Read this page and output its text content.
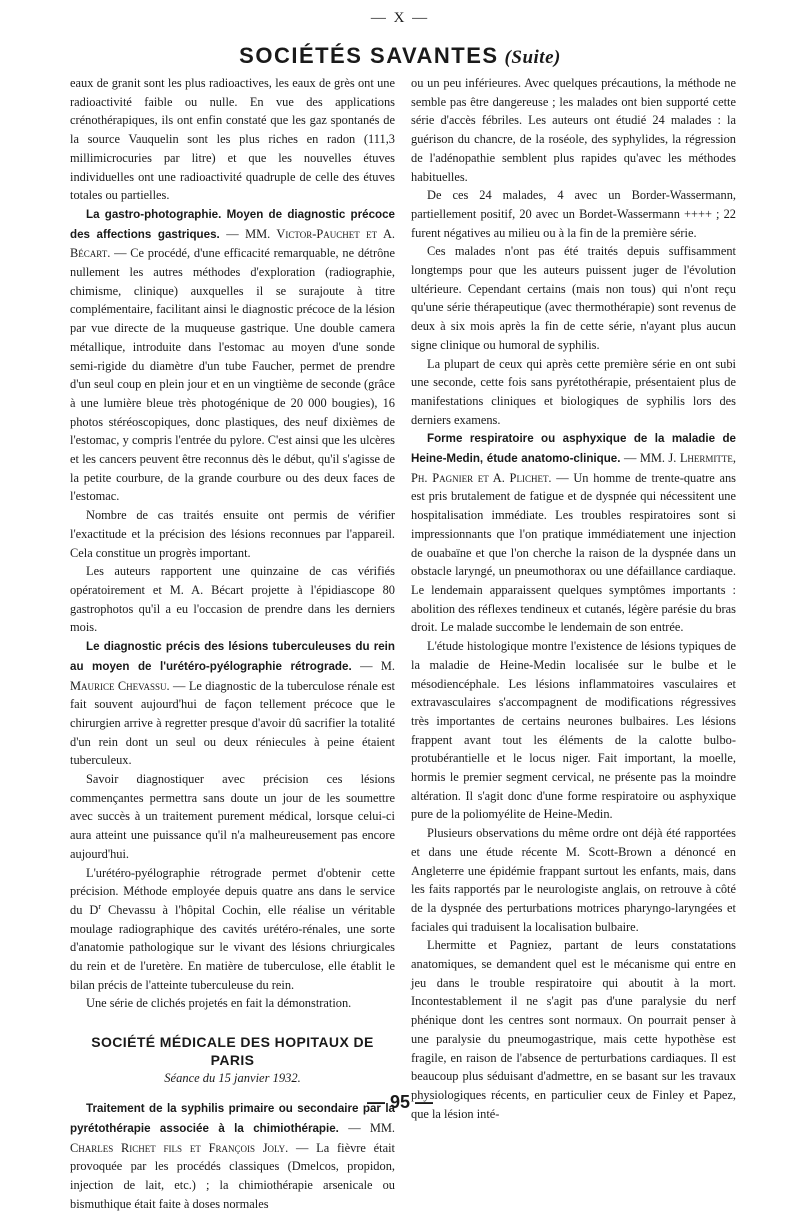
— X —
SOCIÉTÉS SAVANTES (Suite)

eaux de granit sont les plus radioactives, les eaux de grès ont une radioactivité faible ou nulle. En vue des applications crénothérapiques, ils ont enfin constaté que les gaz spontanés de la source Vauquelin sont les plus riches en radon (111,3 millimicrocuries par litre) et que les nouvelles étuves individuelles ont une radioactivité quadruple de celle des étuves totales ou partielles.

La gastro-photographie. Moyen de diagnostic précoce des affections gastriques. — MM. Victor-Pauchet et A. Bécart. — Ce procédé, d'une efficacité remarquable, ne détrône nullement les autres méthodes d'exploration (radiographie, chimisme, clinique) auxquelles il se surajoute à titre complémentaire, facilitant ainsi le diagnostic précoce de la lésion par vue directe de la muqueuse gastrique. Une double camera métallique, introduite dans l'estomac au moyen d'une sonde semi-rigide du diamètre d'un tube Faucher, permet de prendre d'un seul coup en plein jour et en un vingtième de seconde (grâce à une lumière bleue très photogénique de 20 000 bougies), 16 photos stéréoscopiques, donc plastiques, des neuf dixièmes de l'estomac, y compris l'entrée du pylore. C'est ainsi que les ulcères et les cancers peuvent être reconnus dès le début, qu'il s'agisse de la petite courbure, de la grande courbure ou des deux faces de l'estomac.

Nombre de cas traités ensuite ont permis de vérifier l'exactitude et la précision des lésions reconnues par l'appareil. Cela constitue un progrès important.

Les auteurs rapportent une quinzaine de cas vérifiés opératoirement et M. A. Bécart projette à l'épidiascope 80 gastrophotos qu'il a eu l'occasion de prendre dans les derniers mois.

Le diagnostic précis des lésions tuberculeuses du rein au moyen de l'urétéro-pyélographie rétrograde. — M. Maurice Chevassu. — Le diagnostic de la tuberculose rénale est fait souvent aujourd'hui de façon tellement précoce que le chirurgien arrive à regretter presque d'avoir dû sacrifier la totalité d'un rein dont un seul ou deux réniecules à peine étaient tuberculeux.

Savoir diagnostiquer avec précision ces lésions commençantes permettra sans doute un jour de les soumettre avec succès à un traitement purement médical, lorsque celui-ci aura atteint une puissance qu'il n'a malheureusement pas encore aujourd'hui.

L'urétéro-pyélographie rétrograde permet d'obtenir cette précision. Méthode employée depuis quatre ans dans le service du $D^r$ Chevassu à l'hôpital Cochin, elle réalise un véritable moulage radiographique des cavités urétéro-rénales, une sorte d'anatomie pathologique sur le vivant des lésions chriurgicales du rein et de l'uretère. En matière de tuberculose, elle établit le bilan précis de l'atteinte tuberculeuse du rein.

Une série de clichés projetés en fait la démonstration.

SOCIÉTÉ MÉDICALE DES HOPITAUX DE PARIS
Séance du 15 janvier 1932.

Traitement de la syphilis primaire ou secondaire par la pyrétothérapie associée à la chimiothérapie. — MM. Charles Richet fils et François Joly. — La fièvre était provoquée par les procédés classiques (Dmelcos, propidon, injection de lait, etc.) ; la chimiothérapie arsenicale ou bismuthique était faite à doses normales

ou un peu inférieures. Avec quelques précautions, la méthode ne semble pas être dangereuse ; les malades ont bien supporté cette série d'accès fébriles. Les auteurs ont étudié 24 malades : la guérison du chancre, de la roséole, des syphylides, la régression de l'adénopathie semblent plus rapides qu'avec les méthodes habituelles.

De ces 24 malades, 4 avec un Border-Wassermann, partiellement positif, 20 avec un Bordet-Wassermann ++++ ; 22 furent négatives au milieu ou à la fin de la première série.

Ces malades n'ont pas été traités depuis suffisamment longtemps pour que les auteurs puissent juger de l'évolution ultérieure. Cependant certains (mais non tous) qui n'ont reçu qu'une série thérapeutique (avec thermothérapie) sont revenus de deux à six mois après la fin de cette série, n'ayant plus aucun signe clinique ou humoral de syphilis.

La plupart de ceux qui après cette première série en ont subi une seconde, cette fois sans pyrétothérapie, présentaient plus de manifestations cliniques et biologiques de syphilis lors des derniers examens.

Forme respiratoire ou asphyxique de la maladie de Heine-Medin, étude anatomo-clinique. — MM. J. Lhermitte, Ph. Pagnier et A. Plichet. — Un homme de trente-quatre ans est pris brutalement de fatigue et de dyspnée qui nécessitent une hospitalisation immédiate. Les troubles respiratoires sont si impressionnants que l'on pratique immédiatement une injection de ouabaïne et que l'on cherche la raison de la dyspnée dans un obstacle laryngé, un pneumothorax ou une défaillance cardiaque. Le lendemain apparaissent quelques symptômes importants : abolition des réflexes tendineux et cutanés, légère parésie du bras droit. Le malade succombe le lendemain de son entrée.

L'étude histologique montre l'existence de lésions typiques de la maladie de Heine-Medin localisée sur le bulbe et le mésodiencéphale. Les lésions inflammatoires vasculaires et extravasculaires s'accompagnent de modifications régressives très importantes de certains neurones bulbaires. Les lésions frappent avant tout les éléments de la calotte bulbo-protubérantielle et le locus niger. Fait important, la moelle, hormis le premier segment cervical, ne présente pas la moindre altération. Il s'agit donc d'une forme respiratoire ou asphyxique pure de la poliomyélite de Heine-Medin.

Plusieurs observations du même ordre ont déjà été rapportées et dans une étude récente M. Scott-Brown a dénoncé en Angleterre une épidémie frappant surtout les enfants, mais, dans les faits rapportés par le neurologiste anglais, on retrouve à côté de la dyspnée des perturbations motrices pharyngo-laryngées et faciales qui traduisent la localisation bulbaire.

Lhermitte et Pagniez, partant de leurs constatations anatomiques, se demandent quel est le mécanisme qui entre en jeu dans le trouble respiratoire qui aboutit à la mort. Incontestablement il ne s'agit pas d'une paralysie du nerf phénique dont les centres sont normaux. On pourrait penser à une paralysie du pneumogastrique, mais cette hypothèse est fragile, en raison de l'absence de perturbations cardiaques. Il est beaucoup plus séduisant d'admettre, en se basant sur les travaux physiologiques récents, en particulier ceux de Finley et Papez, que la lésion inté-

— 95 —
